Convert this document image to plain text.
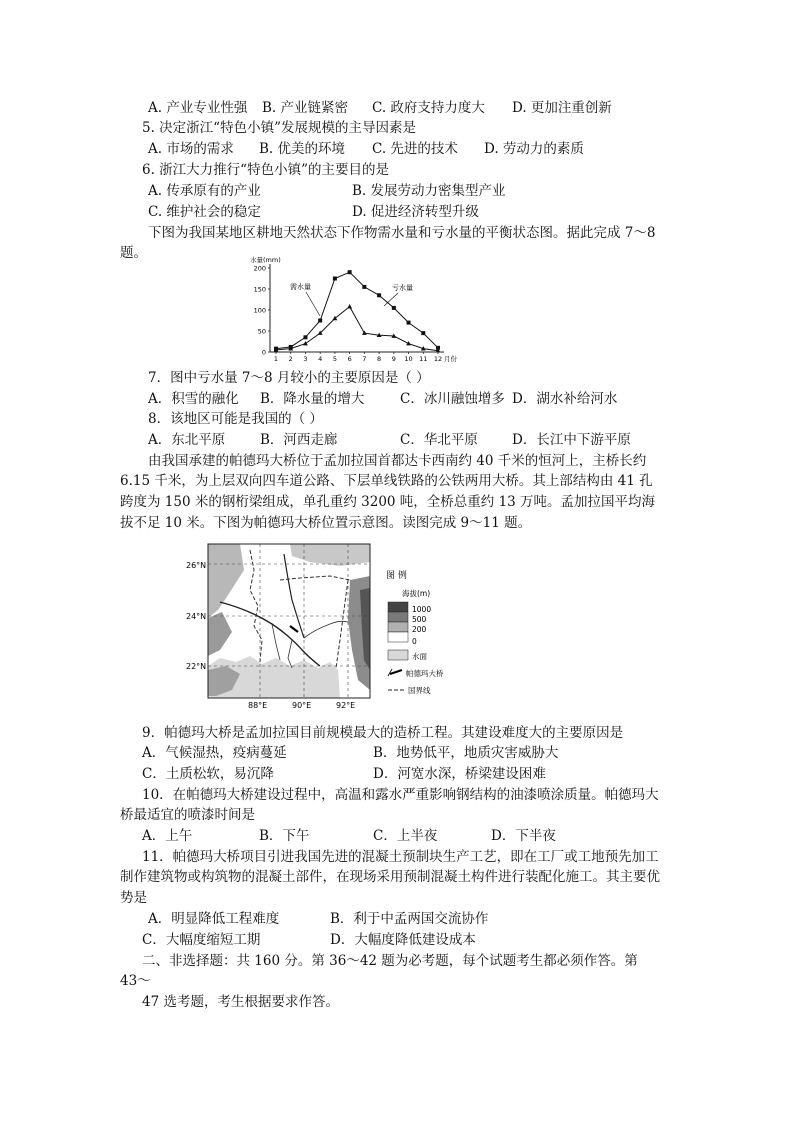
A. 产业专业性强 B. 产业链紧密 C. 政府支持力度大 D. 更加注重创新
5. 决定浙江“特色小镇”发展规模的主导因素是
A. 市场的需求 B. 优美的环境 C. 先进的技术 D. 劳动力的素质
6. 浙江大力推行“特色小镇”的主要目的是
A. 传承原有的产业	B. 发展劳动力密集型产业
C. 维护社会的稳定	D. 促进经济转型升级
下图为我国某地区耕地天然状态下作物需水量和亏水量的平衡状态图。据此完成 7～8
题。	水量(mm)
0
50
100
150
200
1 2 3 4 5 6 7 8 9 10 11 12 月份
需水量	亏水量
7．图中亏水量 7～8 月较小的主要原因是（ ）
A．积雪的融化 B．降水量的增大	C．冰川融蚀增多 D．湖水补给河水
8．该地区可能是我国的（ ）
A．东北平原	B．河西走廊	C．华北平原	D．长江中下游平原
由我国承建的帕德玛大桥位于孟加拉国首都达卡西南约 40 千米的恒河上，主桥长约
6.15 千米，为上层双向四车道公路、下层单线铁路的公铁两用大桥。其上部结构由 41 孔
跨度为 150 米的钢桁梁组成，单孔重约 3200 吨，全桥总重约 13 万吨。孟加拉国平均海
拔不足 10 米。下图为帕德玛大桥位置示意图。读图完成 9～11 题。
26°N
24°N
22°N
88°E	90°E	92°E
图 例
海拔(m)
1000
500
200
0
水面
帕德玛大桥
国界线
9．帕德玛大桥是孟加拉国目前规模最大的造桥工程。其建设难度大的主要原因是
A．气候湿热，疫病蔓延	B．地势低平，地质灾害威胁大
C．土质松软，易沉降	D．河宽水深，桥梁建设困难
10．在帕德玛大桥建设过程中，高温和露水严重影响钢结构的油漆喷涂质量。帕德玛大
桥最适宜的喷漆时间是
A．上午	B．下午	C．上半夜	D．下半夜
11．帕德玛大桥项目引进我国先进的混凝土预制块生产工艺，即在工厂或工地预先加工
制作建筑物或构筑物的混凝土部件，在现场采用预制混凝土构件进行装配化施工。其主要优
势是
A．明显降低工程难度	B．利于中孟两国交流协作
C．大幅度缩短工期	D．大幅度降低建设成本
二、非选择题：共 160 分。第 36～42 题为必考题，每个试题考生都必须作答。第
43～
47 选考题，考生根据要求作答。
